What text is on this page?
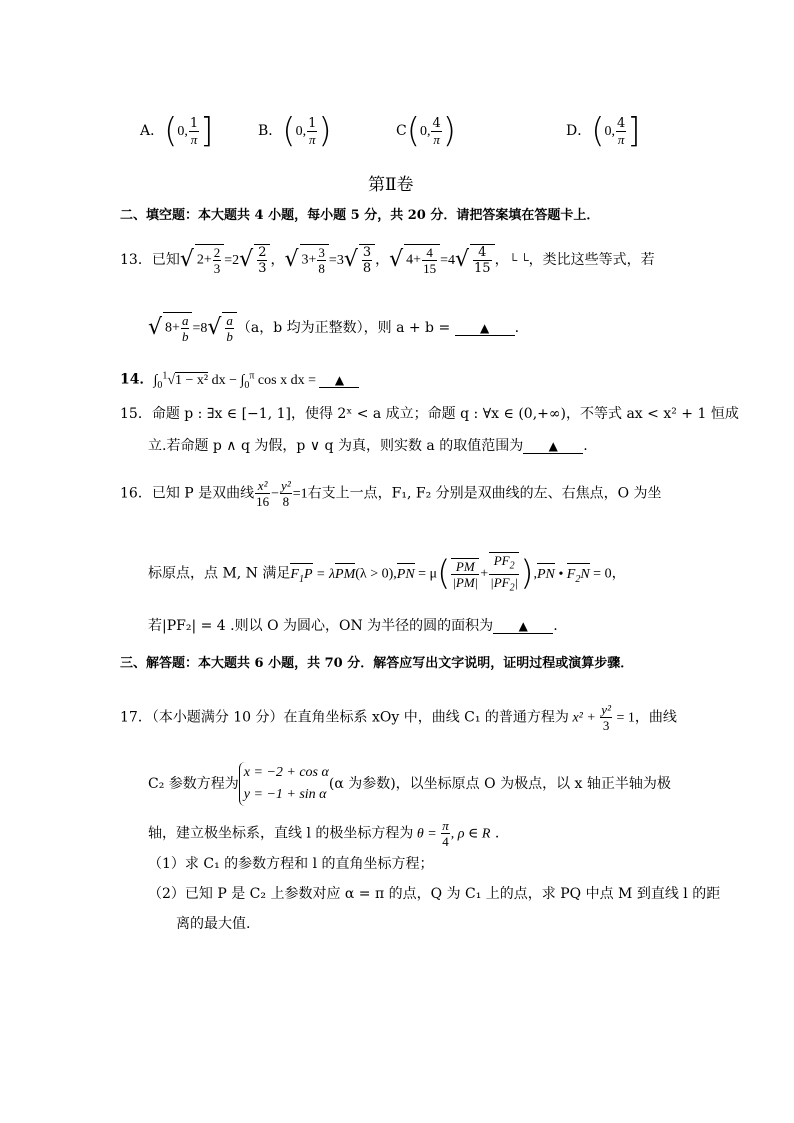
A．(0, $\frac{1}{\pi}$ ]	B．(0, $\frac{1}{\pi}$ )	C(0, $\frac{4}{\pi}$ )	D．(0, $\frac{4}{\pi}$ ]
第Ⅱ卷
二、填空题：本大题共 4 小题，每小题 5 分，共 20 分．请把答案填在答题卡上．
13．已知√ $2+ \frac{2}{3} =2√ \frac{2}{3}$ ，√ $3+ \frac{3}{8} =3√ \frac{3}{8}$ ，√ $4+ \frac{4}{15} =4√ \frac{4}{15}$ ，└ └，类比这些等式，若
√ $8+ \frac{a}{b} =8√ \frac{a}{b} (a$，b 均为正整数），则 a + b = ▲ .
14．$\int_0^1√1 - x^2$ dx − $\int_0^\pi$ cos x dx = ▲
15．命题 p : ∃x ∈ [−1, 1]，使得 2ˣ < a 成立；命题 q : ∀x ∈ (0,+∞)，不等式 ax < x² + 1 恒成
立.若命题 p ∧ q 为假，p ∨ q 为真，则实数 a 的取值范围为 ▲ .
16．已知 P 是双曲线 $\frac{\text{x²}}{16} - \frac{\text{y²}}{8} =1$右支上一点，F₁, F₂ 分别是双曲线的左、右焦点，O 为坐
标原点，点 M, N 满足$F_1P = \lambda PM(\lambda > 0),PN = \mu( \frac{PM}{|PM|} + \frac{PF_2}{|PF_2|} ),PN$ • $F_2N = 0$，
若|PF₂| = 4 .则以 O 为圆心，ON 为半径的圆的面积为 ▲ .
三、解答题：本大题共 6 小题，共 70 分．解答应写出文字说明，证明过程或演算步骤．
17．（本小题满分 10 分）在直角坐标系 xOy 中，曲线 C₁ 的普通方程为 $x^2 + \frac{\text{y²}}{3} = 1$，曲线
C₂ 参数方程为
x = −2 + cos α
y = −1 + sin α
(α 为参数)，以坐标原点 O 为极点，以 x 轴正半轴为极
轴，建立极坐标系，直线 l 的极坐标方程为 $\theta = \frac{\pi}{4}$ , ρ ∈ R .
（1）求 C₁ 的参数方程和 l 的直角坐标方程；
（2）已知 P 是 C₂ 上参数对应 α = π 的点，Q 为 C₁ 上的点，求 PQ 中点 M 到直线 l 的距
离的最大值.
